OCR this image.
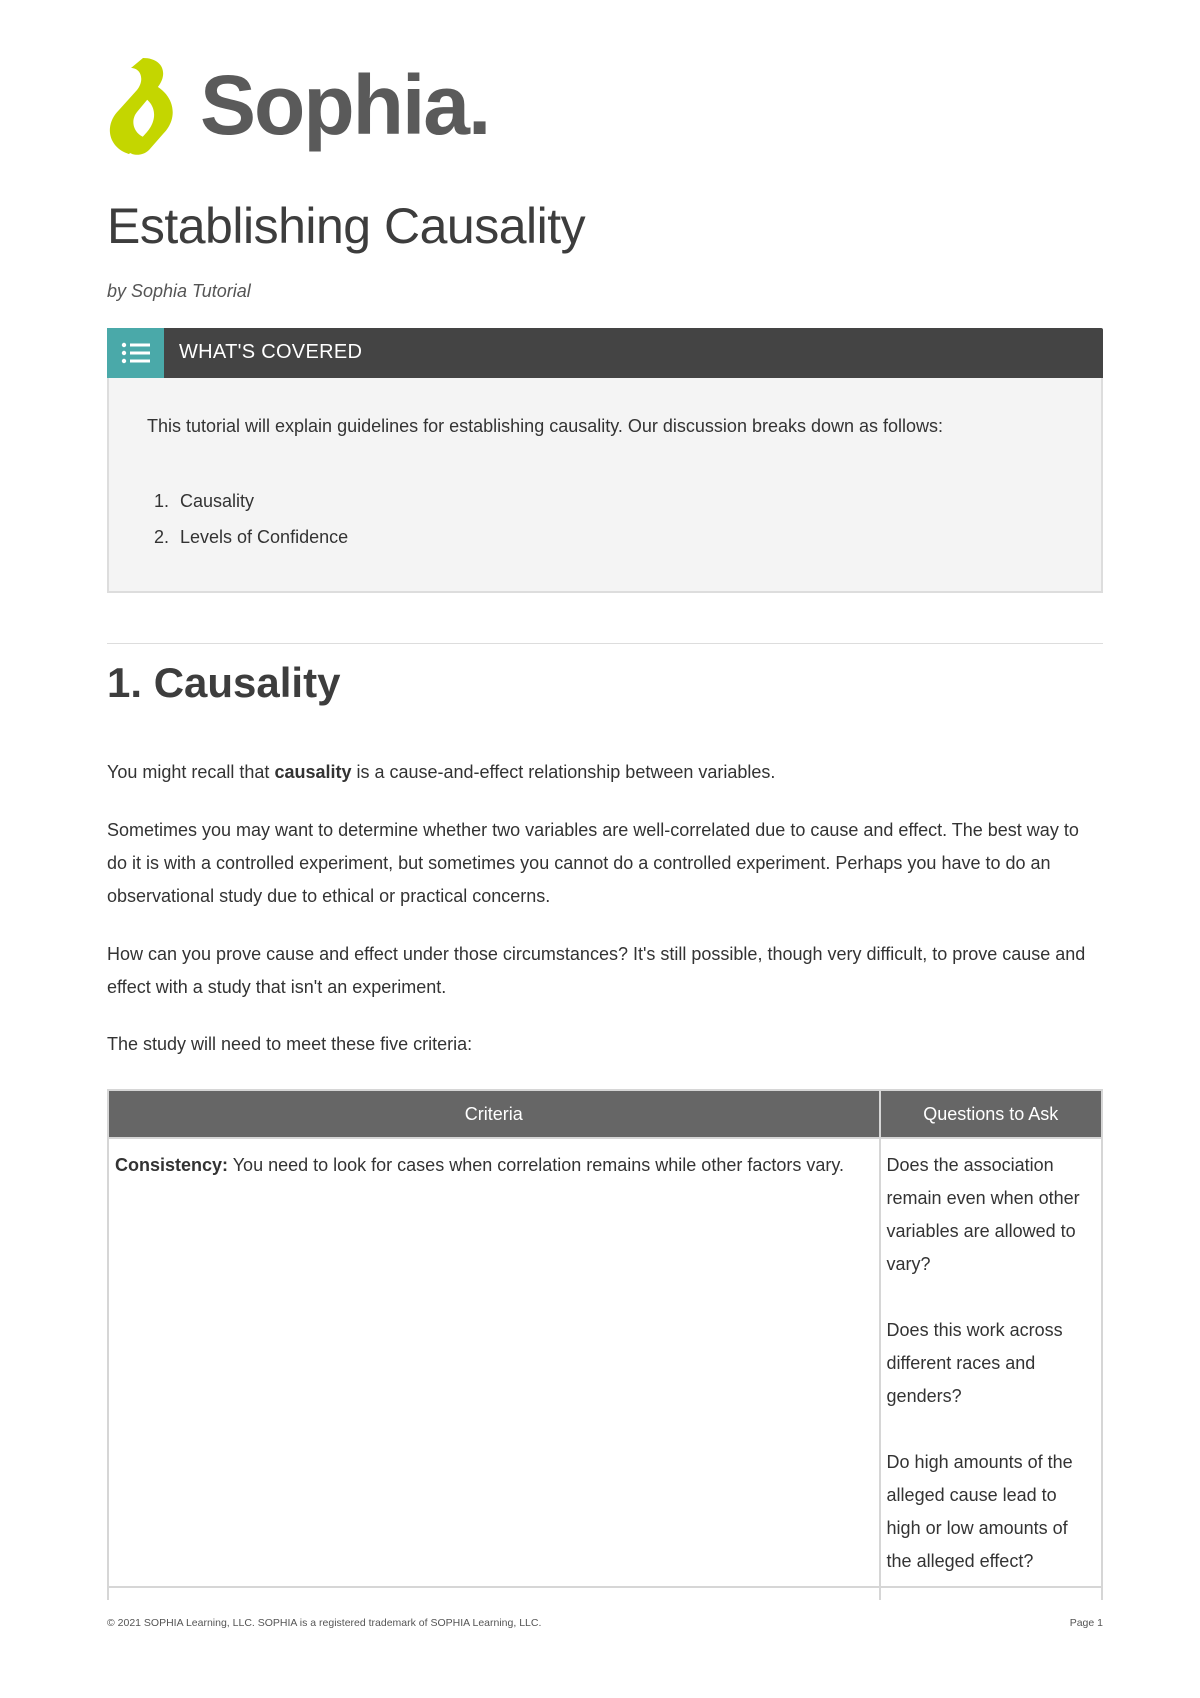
Sophia.
Establishing Causality
by Sophia Tutorial
WHAT'S COVERED
This tutorial will explain guidelines for establishing causality. Our discussion breaks down as follows:
1. Causality
2. Levels of Confidence
1. Causality

You might recall that causality is a cause-and-effect relationship between variables.

Sometimes you may want to determine whether two variables are well-correlated due to cause and effect. The best way to do it is with a controlled experiment, but sometimes you cannot do a controlled experiment. Perhaps you have to do an observational study due to ethical or practical concerns.

How can you prove cause and effect under those circumstances? It's still possible, though very difficult, to prove cause and effect with a study that isn't an experiment.

The study will need to meet these five criteria:

Criteria	Questions to Ask
Consistency: You need to look for cases when correlation remains while other factors vary.	Does the association remain even when other variables are allowed to vary?
Does this work across different races and genders?
Do high amounts of the alleged cause lead to high or low amounts of the alleged effect?

© 2021 SOPHIA Learning, LLC. SOPHIA is a registered trademark of SOPHIA Learning, LLC.	Page 1
